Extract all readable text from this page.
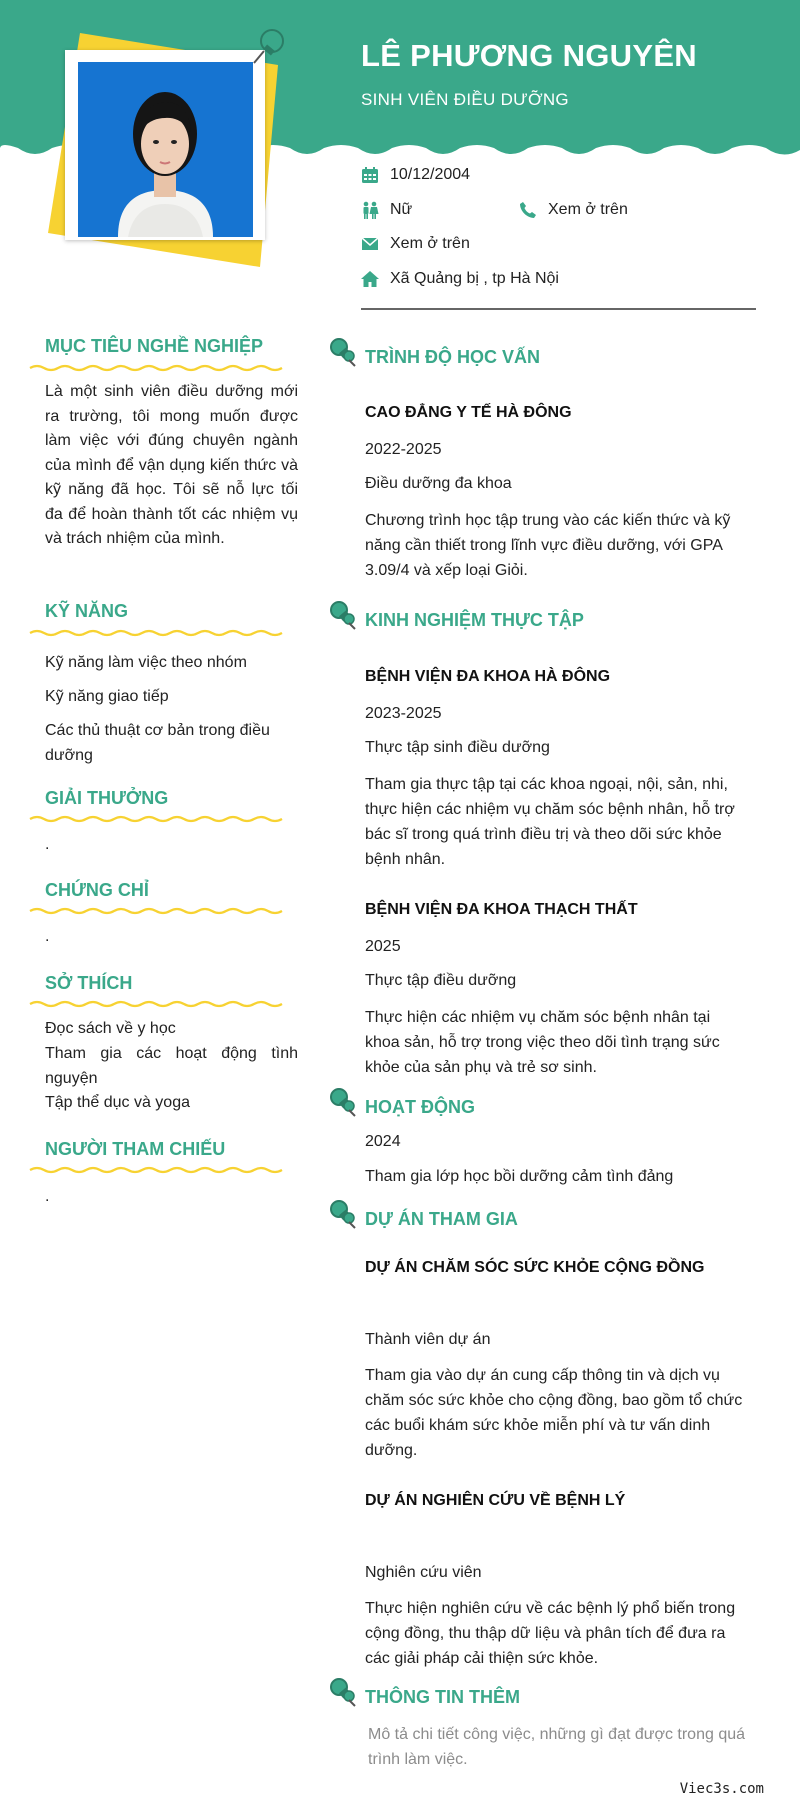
LÊ PHƯƠNG NGUYÊN
SINH VIÊN ĐIỀU DƯỠNG
10/12/2004
Nữ	Xem ở trên
Xem ở trên
Xã Quảng bị , tp Hà Nội
MỤC TIÊU NGHỀ NGHIỆP
Là một sinh viên điều dưỡng mới ra trường, tôi mong muốn được làm việc với đúng chuyên ngành của mình để vận dụng kiến thức và kỹ năng đã học. Tôi sẽ nỗ lực tối đa để hoàn thành tốt các nhiệm vụ và trách nhiệm của mình.
KỸ NĂNG
Kỹ năng làm việc theo nhóm
Kỹ năng giao tiếp
Các thủ thuật cơ bản trong điều dưỡng
GIẢI THƯỞNG
.
CHỨNG CHỈ
.
SỞ THÍCH
Đọc sách về y học
Tham gia các hoạt động tình nguyện
Tập thể dục và yoga
NGƯỜI THAM CHIẾU
.
TRÌNH ĐỘ HỌC VẤN
CAO ĐẲNG Y TẾ HÀ ĐÔNG
2022-2025
Điều dưỡng đa khoa
Chương trình học tập trung vào các kiến thức và kỹ năng cần thiết trong lĩnh vực điều dưỡng, với GPA 3.09/4 và xếp loại Giỏi.
KINH NGHIỆM THỰC TẬP
BỆNH VIỆN ĐA KHOA HÀ ĐÔNG
2023-2025
Thực tập sinh điều dưỡng
Tham gia thực tập tại các khoa ngoại, nội, sản, nhi, thực hiện các nhiệm vụ chăm sóc bệnh nhân, hỗ trợ bác sĩ trong quá trình điều trị và theo dõi sức khỏe bệnh nhân.
BỆNH VIỆN ĐA KHOA THẠCH THẤT
2025
Thực tập điều dưỡng
Thực hiện các nhiệm vụ chăm sóc bệnh nhân tại khoa sản, hỗ trợ trong việc theo dõi tình trạng sức khỏe của sản phụ và trẻ sơ sinh.
HOẠT ĐỘNG
2024
Tham gia lớp học bồi dưỡng cảm tình đảng
DỰ ÁN THAM GIA
DỰ ÁN CHĂM SÓC SỨC KHỎE CỘNG ĐỒNG
Thành viên dự án
Tham gia vào dự án cung cấp thông tin và dịch vụ chăm sóc sức khỏe cho cộng đồng, bao gồm tổ chức các buổi khám sức khỏe miễn phí và tư vấn dinh dưỡng.
DỰ ÁN NGHIÊN CỨU VỀ BỆNH LÝ
Nghiên cứu viên
Thực hiện nghiên cứu về các bệnh lý phổ biến trong cộng đồng, thu thập dữ liệu và phân tích để đưa ra các giải pháp cải thiện sức khỏe.
THÔNG TIN THÊM
Mô tả chi tiết công việc, những gì đạt được trong quá trình làm việc.
Viec3s.com
